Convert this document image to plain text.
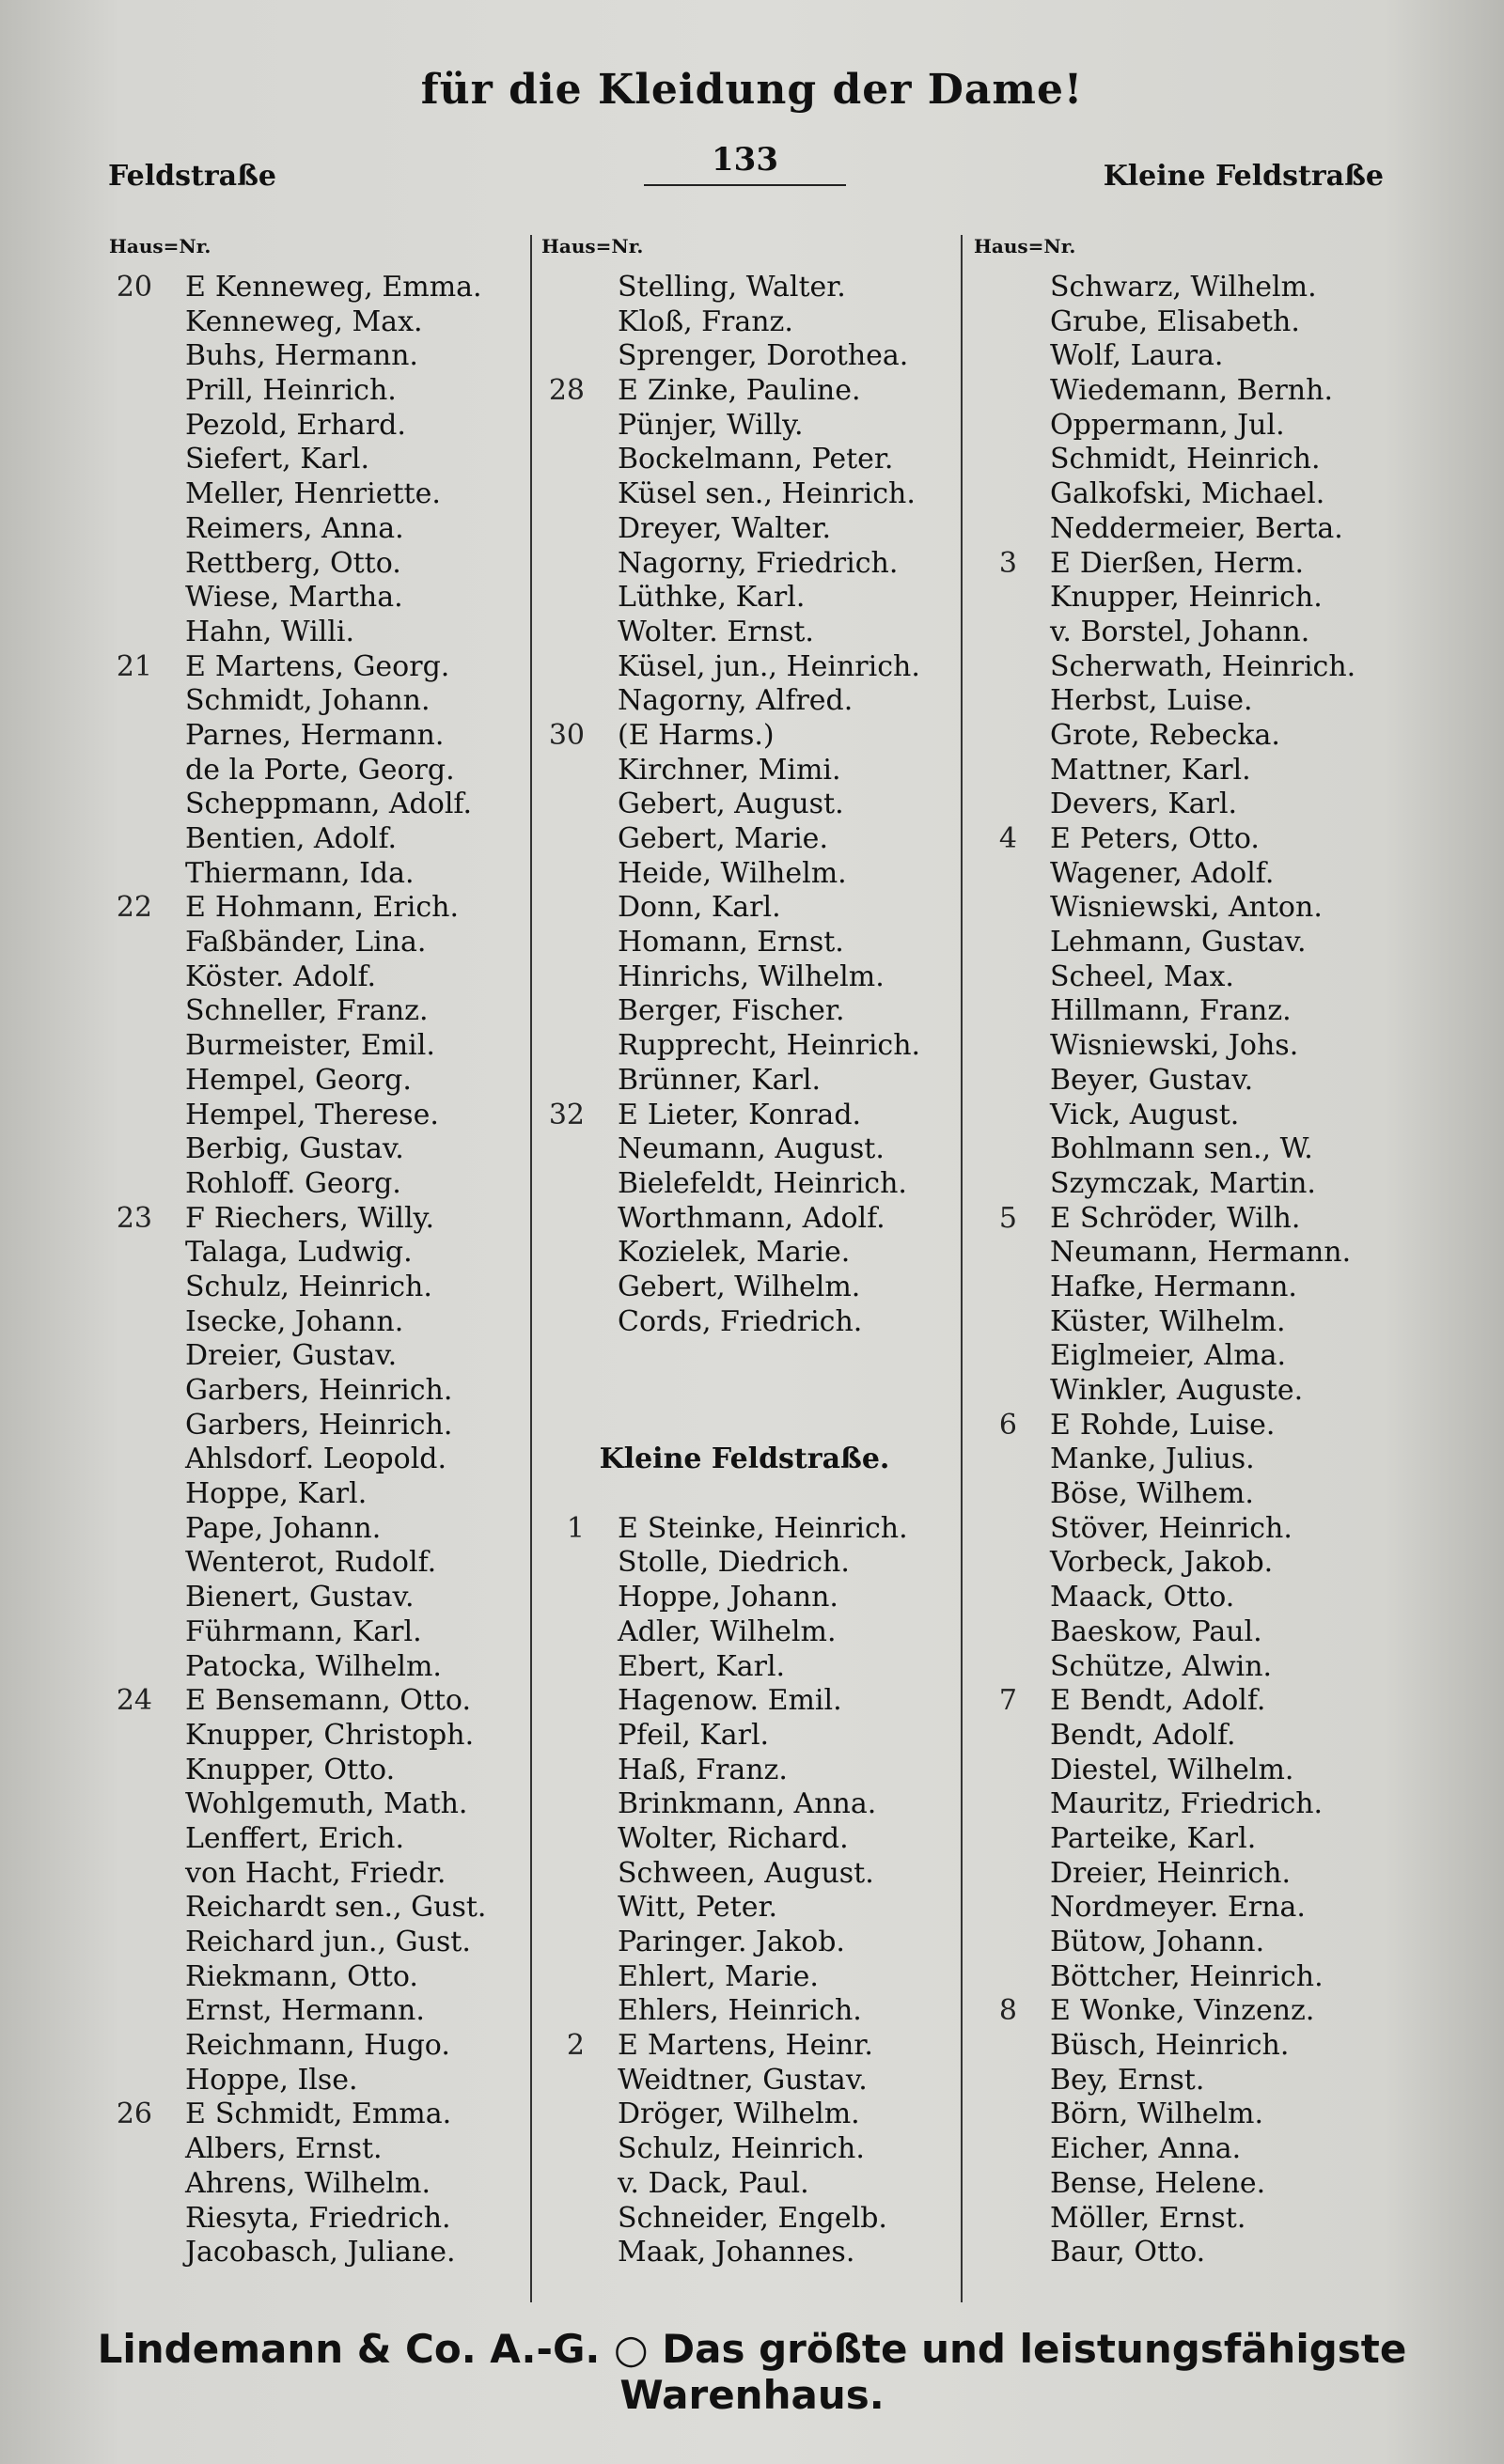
für die Kleidung der Dame!
Feldstraße	133	Kleine Feldstraße
Haus=Nr.
20 E Kenneweg, Emma.
Kenneweg, Max.
Buhs, Hermann.
Prill, Heinrich.
Pezold, Erhard.
Siefert, Karl.
Meller, Henriette.
Reimers, Anna.
Rettberg, Otto.
Wiese, Martha.
Hahn, Willi.
21 E Martens, Georg.
Schmidt, Johann.
Parnes, Hermann.
de la Porte, Georg.
Scheppmann, Adolf.
Bentien, Adolf.
Thiermann, Ida.
22 E Hohmann, Erich.
Faßbänder, Lina.
Köster. Adolf.
Schneller, Franz.
Burmeister, Emil.
Hempel, Georg.
Hempel, Therese.
Berbig, Gustav.
Rohloff. Georg.
23 F Riechers, Willy.
Talaga, Ludwig.
Schulz, Heinrich.
Isecke, Johann.
Dreier, Gustav.
Garbers, Heinrich.
Garbers, Heinrich.
Ahlsdorf. Leopold.
Hoppe, Karl.
Pape, Johann.
Wenterot, Rudolf.
Bienert, Gustav.
Führmann, Karl.
Patocka, Wilhelm.
24 E Bensemann, Otto.
Knupper, Christoph.
Knupper, Otto.
Wohlgemuth, Math.
Lenffert, Erich.
von Hacht, Friedr.
Reichardt sen., Gust.
Reichard jun., Gust.
Riekmann, Otto.
Ernst, Hermann.
Reichmann, Hugo.
Hoppe, Ilse.
26 E Schmidt, Emma.
Albers, Ernst.
Ahrens, Wilhelm.
Riesyta, Friedrich.
Jacobasch, Juliane.
Haus=Nr.
Stelling, Walter.
Kloß, Franz.
Sprenger, Dorothea.
28 E Zinke, Pauline.
Pünjer, Willy.
Bockelmann, Peter.
Küsel sen., Heinrich.
Dreyer, Walter.
Nagorny, Friedrich.
Lüthke, Karl.
Wolter. Ernst.
Küsel, jun., Heinrich.
Nagorny, Alfred.
30 (E Harms.)
Kirchner, Mimi.
Gebert, August.
Gebert, Marie.
Heide, Wilhelm.
Donn, Karl.
Homann, Ernst.
Hinrichs, Wilhelm.
Berger, Fischer.
Rupprecht, Heinrich.
Brünner, Karl.
32 E Lieter, Konrad.
Neumann, August.
Bielefeldt, Heinrich.
Worthmann, Adolf.
Kozielek, Marie.
Gebert, Wilhelm.
Cords, Friedrich.
Kleine Feldstraße.
1 E Steinke, Heinrich.
Stolle, Diedrich.
Hoppe, Johann.
Adler, Wilhelm.
Ebert, Karl.
Hagenow. Emil.
Pfeil, Karl.
Haß, Franz.
Brinkmann, Anna.
Wolter, Richard.
Schween, August.
Witt, Peter.
Paringer. Jakob.
Ehlert, Marie.
Ehlers, Heinrich.
2 E Martens, Heinr.
Weidtner, Gustav.
Dröger, Wilhelm.
Schulz, Heinrich.
v. Dack, Paul.
Schneider, Engelb.
Maak, Johannes.
Haus=Nr.
Schwarz, Wilhelm.
Grube, Elisabeth.
Wolf, Laura.
Wiedemann, Bernh.
Oppermann, Jul.
Schmidt, Heinrich.
Galkofski, Michael.
Neddermeier, Berta.
3 E Dierßen, Herm.
Knupper, Heinrich.
v. Borstel, Johann.
Scherwath, Heinrich.
Herbst, Luise.
Grote, Rebecka.
Mattner, Karl.
Devers, Karl.
4 E Peters, Otto.
Wagener, Adolf.
Wisniewski, Anton.
Lehmann, Gustav.
Scheel, Max.
Hillmann, Franz.
Wisniewski, Johs.
Beyer, Gustav.
Vick, August.
Bohlmann sen., W.
Szymczak, Martin.
5 E Schröder, Wilh.
Neumann, Hermann.
Hafke, Hermann.
Küster, Wilhelm.
Eiglmeier, Alma.
Winkler, Auguste.
6 E Rohde, Luise.
Manke, Julius.
Böse, Wilhem.
Stöver, Heinrich.
Vorbeck, Jakob.
Maack, Otto.
Baeskow, Paul.
Schütze, Alwin.
7 E Bendt, Adolf.
Bendt, Adolf.
Diestel, Wilhelm.
Mauritz, Friedrich.
Parteike, Karl.
Dreier, Heinrich.
Nordmeyer. Erna.
Bütow, Johann.
Böttcher, Heinrich.
8 E Wonke, Vinzenz.
Büsch, Heinrich.
Bey, Ernst.
Börn, Wilhelm.
Eicher, Anna.
Bense, Helene.
Möller, Ernst.
Baur, Otto.
Lindemann & Co. A.-G. ○ Das größte und leistungsfähigste Warenhaus.
